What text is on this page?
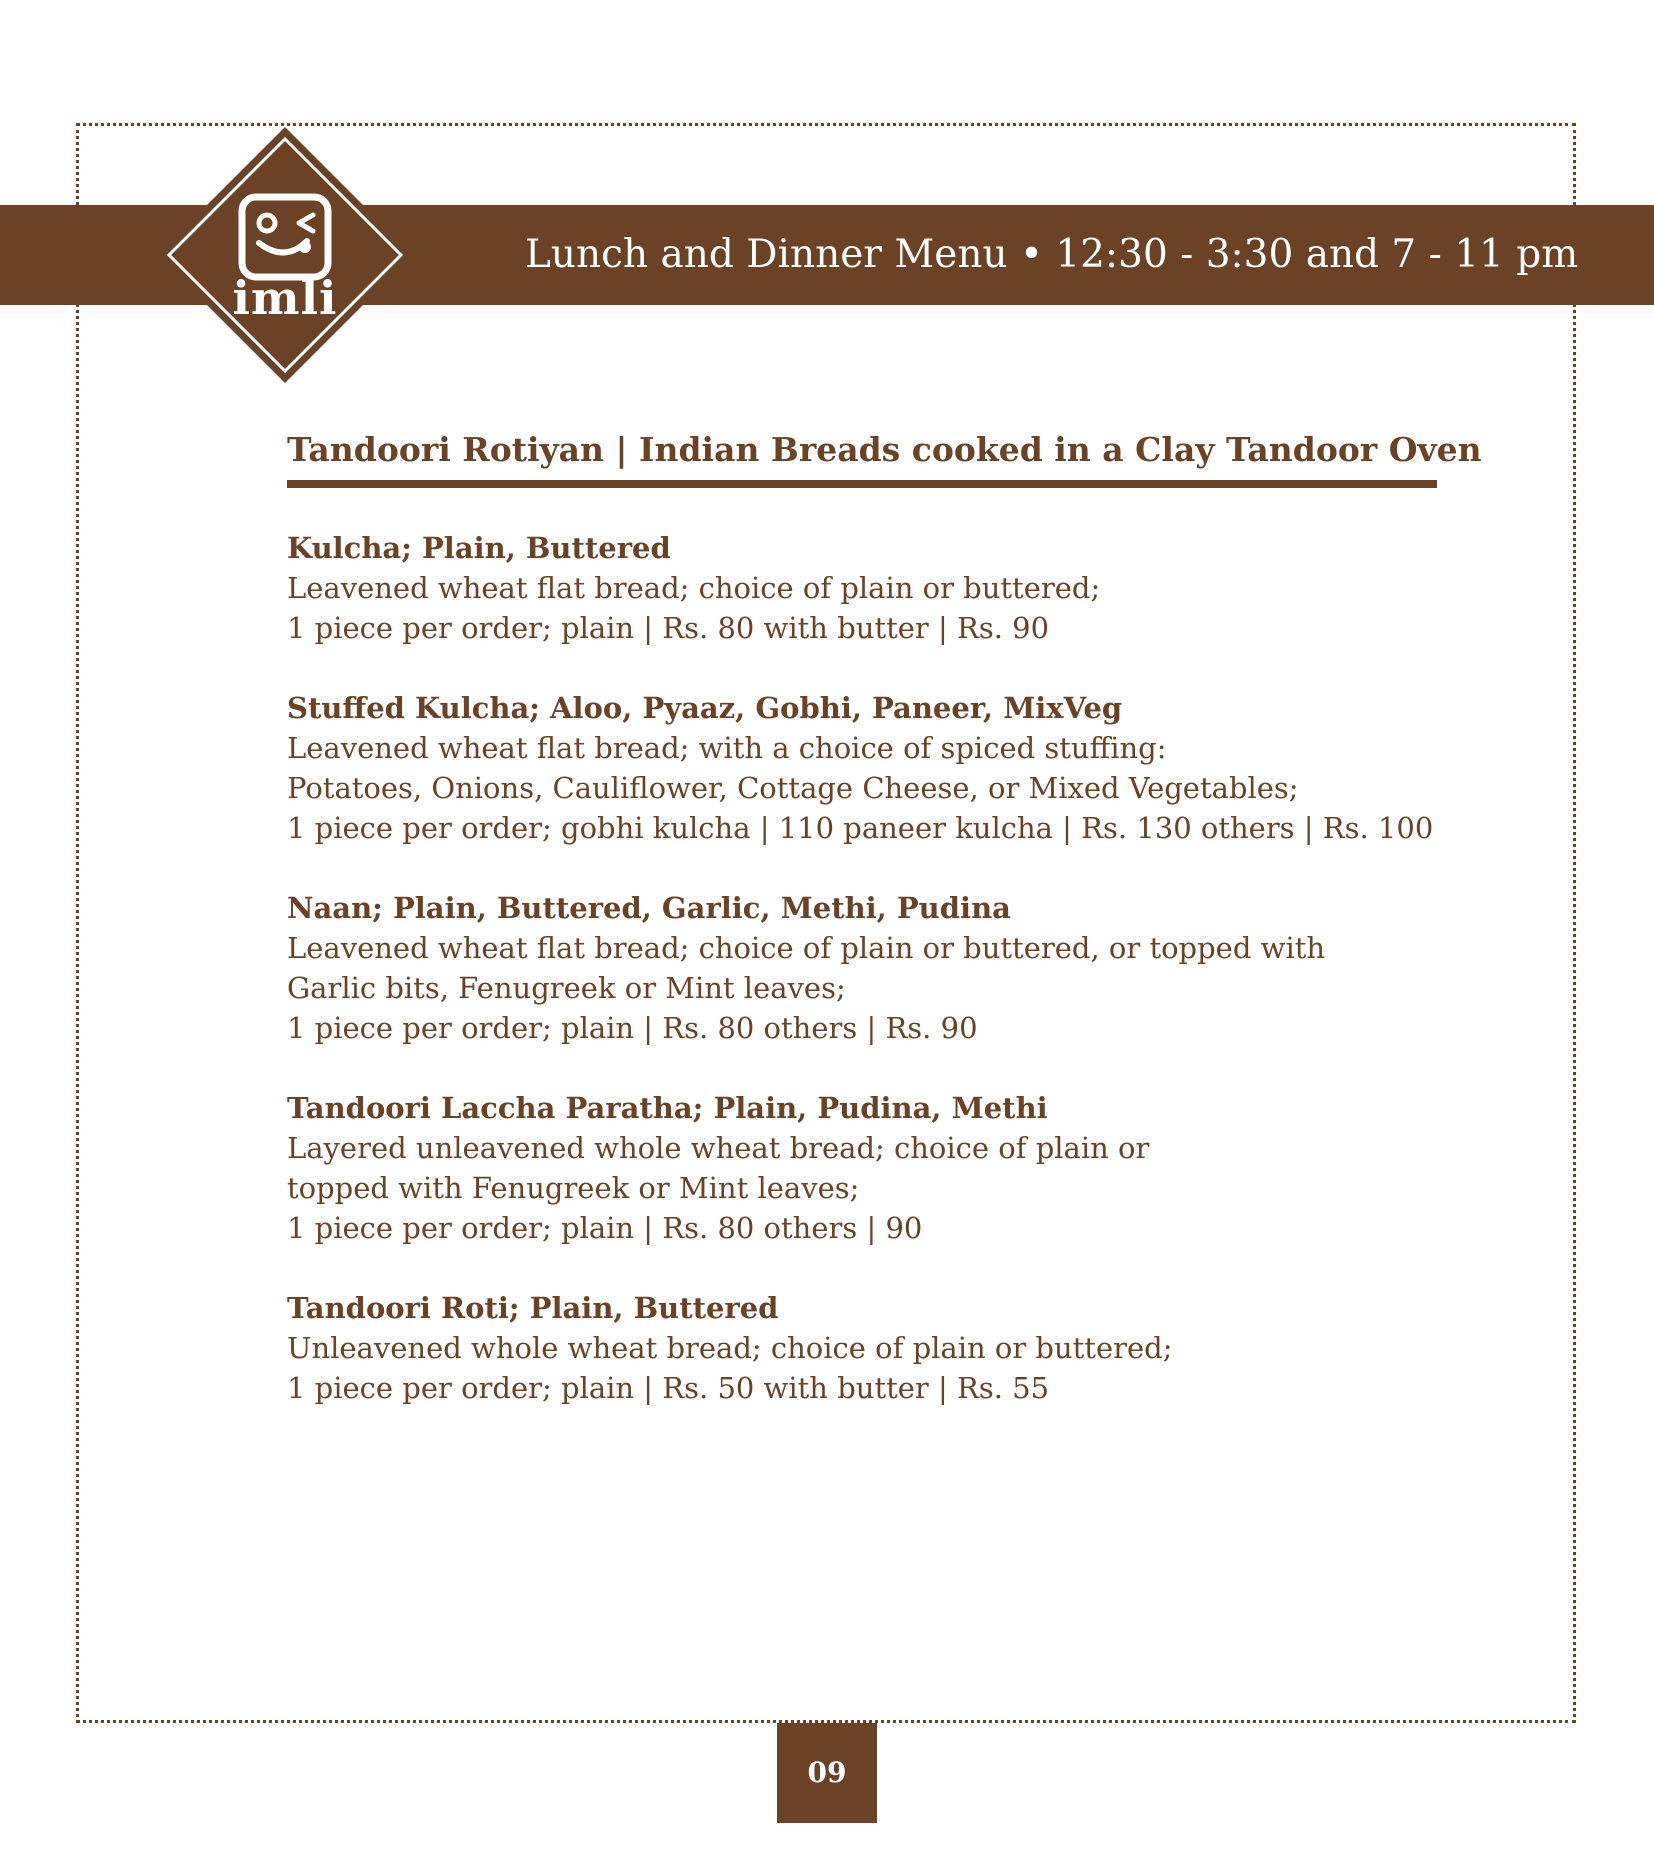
imli
Lunch and Dinner Menu • 12:30 - 3:30 and 7 - 11 pm
Tandoori Rotiyan | Indian Breads cooked in a Clay Tandoor Oven
Kulcha; Plain, Buttered
Leavened wheat flat bread; choice of plain or buttered;
1 piece per order; plain | Rs. 80 with butter | Rs. 90
Stuffed Kulcha; Aloo, Pyaaz, Gobhi, Paneer, MixVeg
Leavened wheat flat bread; with a choice of spiced stuffing:
Potatoes, Onions, Cauliflower, Cottage Cheese, or Mixed Vegetables;
1 piece per order; gobhi kulcha | 110 paneer kulcha | Rs. 130 others | Rs. 100
Naan; Plain, Buttered, Garlic, Methi, Pudina
Leavened wheat flat bread; choice of plain or buttered, or topped with
Garlic bits, Fenugreek or Mint leaves;
1 piece per order; plain | Rs. 80 others | Rs. 90
Tandoori Laccha Paratha; Plain, Pudina, Methi
Layered unleavened whole wheat bread; choice of plain or
topped with Fenugreek or Mint leaves;
1 piece per order; plain | Rs. 80 others | 90
Tandoori Roti; Plain, Buttered
Unleavened whole wheat bread; choice of plain or buttered;
1 piece per order; plain | Rs. 50 with butter | Rs. 55
09
